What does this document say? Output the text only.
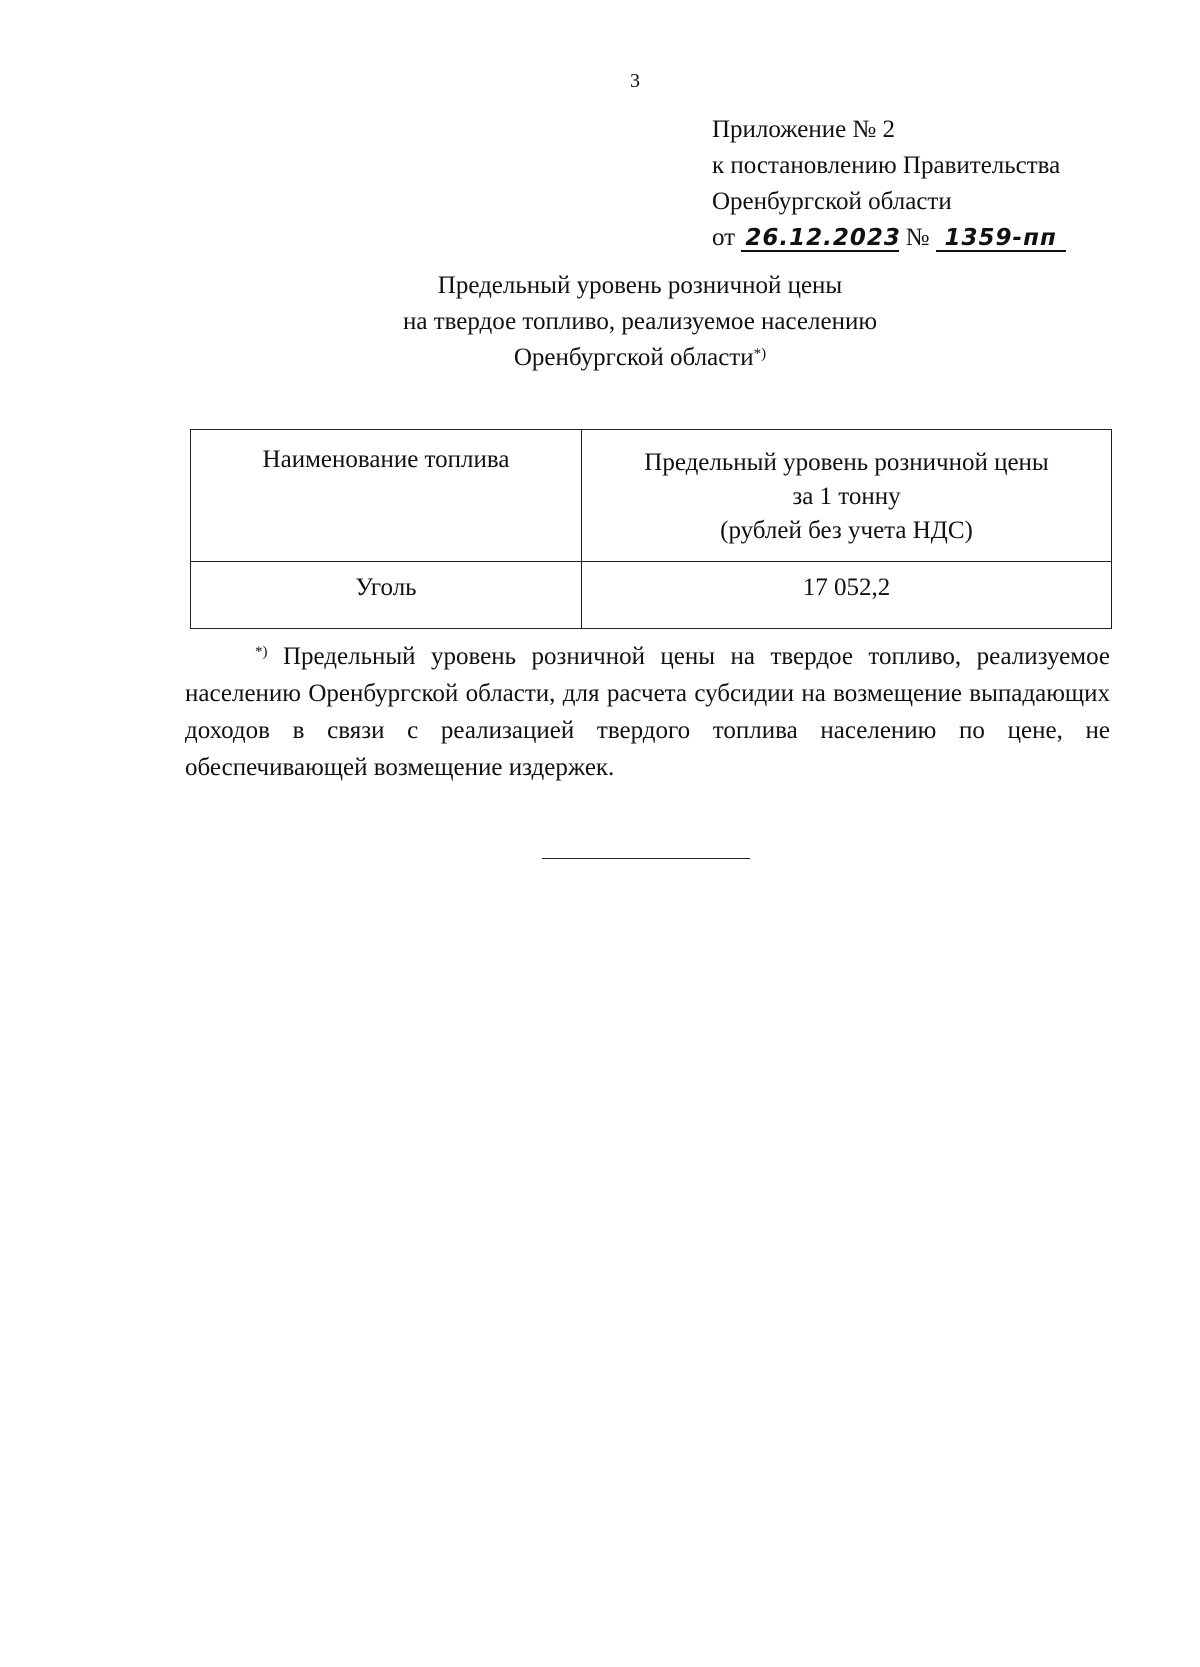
3
Приложение № 2
к постановлению Правительства
Оренбургской области
от 26.12.2023 № 1359-пп
Предельный уровень розничной цены
на твердое топливо, реализуемое населению
Оренбургской области*)
Наименование топлива	Предельный уровень розничной цены
за 1 тонну
(рублей без учета НДС)

Уголь	17 052,2
*) Предельный уровень розничной цены на твердое топливо, реализуемое населению Оренбургской области, для расчета субсидии на возмещение выпадающих доходов в связи с реализацией твердого топлива населению по цене, не обеспечивающей возмещение издержек.
